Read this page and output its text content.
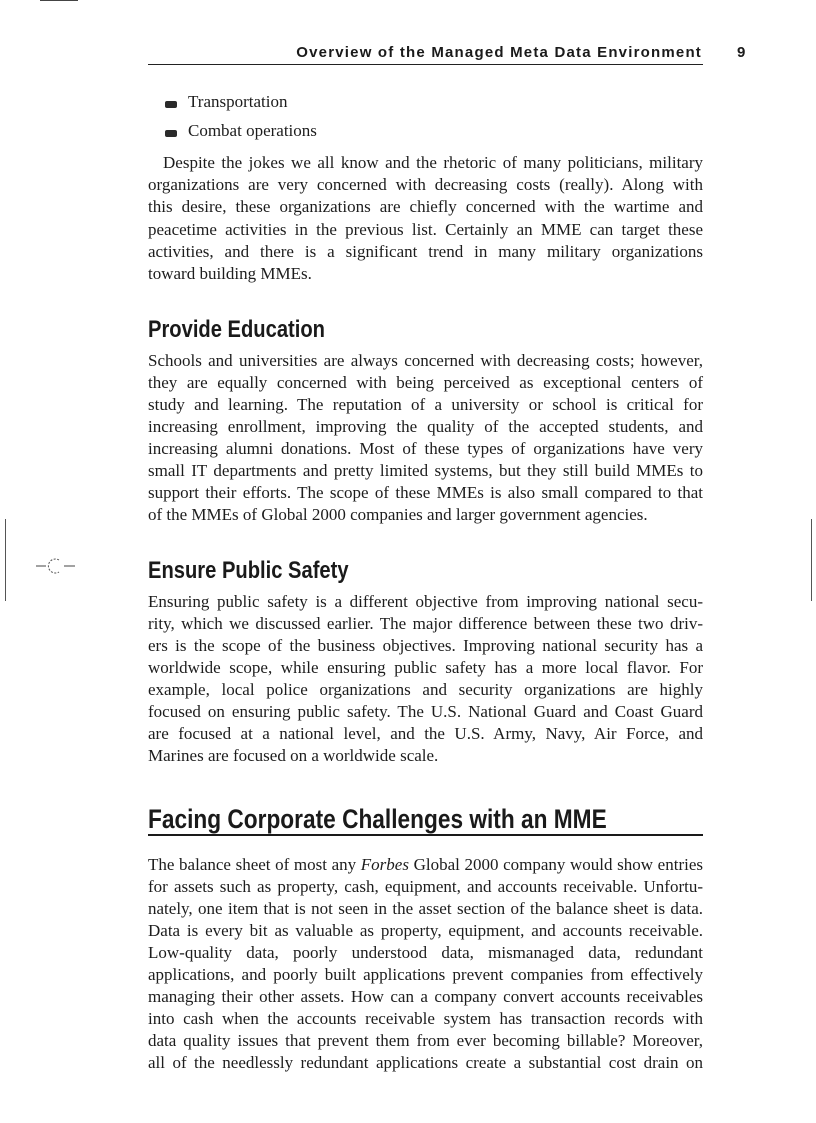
Overview of the Managed Meta Data Environment 9
Transportation
Combat operations
Despite the jokes we all know and the rhetoric of many politicians, military
organizations are very concerned with decreasing costs (really). Along with
this desire, these organizations are chiefly concerned with the wartime and
peacetime activities in the previous list. Certainly an MME can target these
activities, and there is a significant trend in many military organizations
toward building MMEs.
Provide Education
Schools and universities are always concerned with decreasing costs; however,
they are equally concerned with being perceived as exceptional centers of
study and learning. The reputation of a university or school is critical for
increasing enrollment, improving the quality of the accepted students, and
increasing alumni donations. Most of these types of organizations have very
small IT departments and pretty limited systems, but they still build MMEs to
support their efforts. The scope of these MMEs is also small compared to that
of the MMEs of Global 2000 companies and larger government agencies.
Ensure Public Safety
Ensuring public safety is a different objective from improving national secu-
rity, which we discussed earlier. The major difference between these two driv-
ers is the scope of the business objectives. Improving national security has a
worldwide scope, while ensuring public safety has a more local flavor. For
example, local police organizations and security organizations are highly
focused on ensuring public safety. The U.S. National Guard and Coast Guard
are focused at a national level, and the U.S. Army, Navy, Air Force, and
Marines are focused on a worldwide scale.
Facing Corporate Challenges with an MME
The balance sheet of most any Forbes Global 2000 company would show entries
for assets such as property, cash, equipment, and accounts receivable. Unfortu-
nately, one item that is not seen in the asset section of the balance sheet is data.
Data is every bit as valuable as property, equipment, and accounts receivable.
Low-quality data, poorly understood data, mismanaged data, redundant
applications, and poorly built applications prevent companies from effectively
managing their other assets. How can a company convert accounts receivables
into cash when the accounts receivable system has transaction records with
data quality issues that prevent them from ever becoming billable? Moreover,
all of the needlessly redundant applications create a substantial cost drain on
